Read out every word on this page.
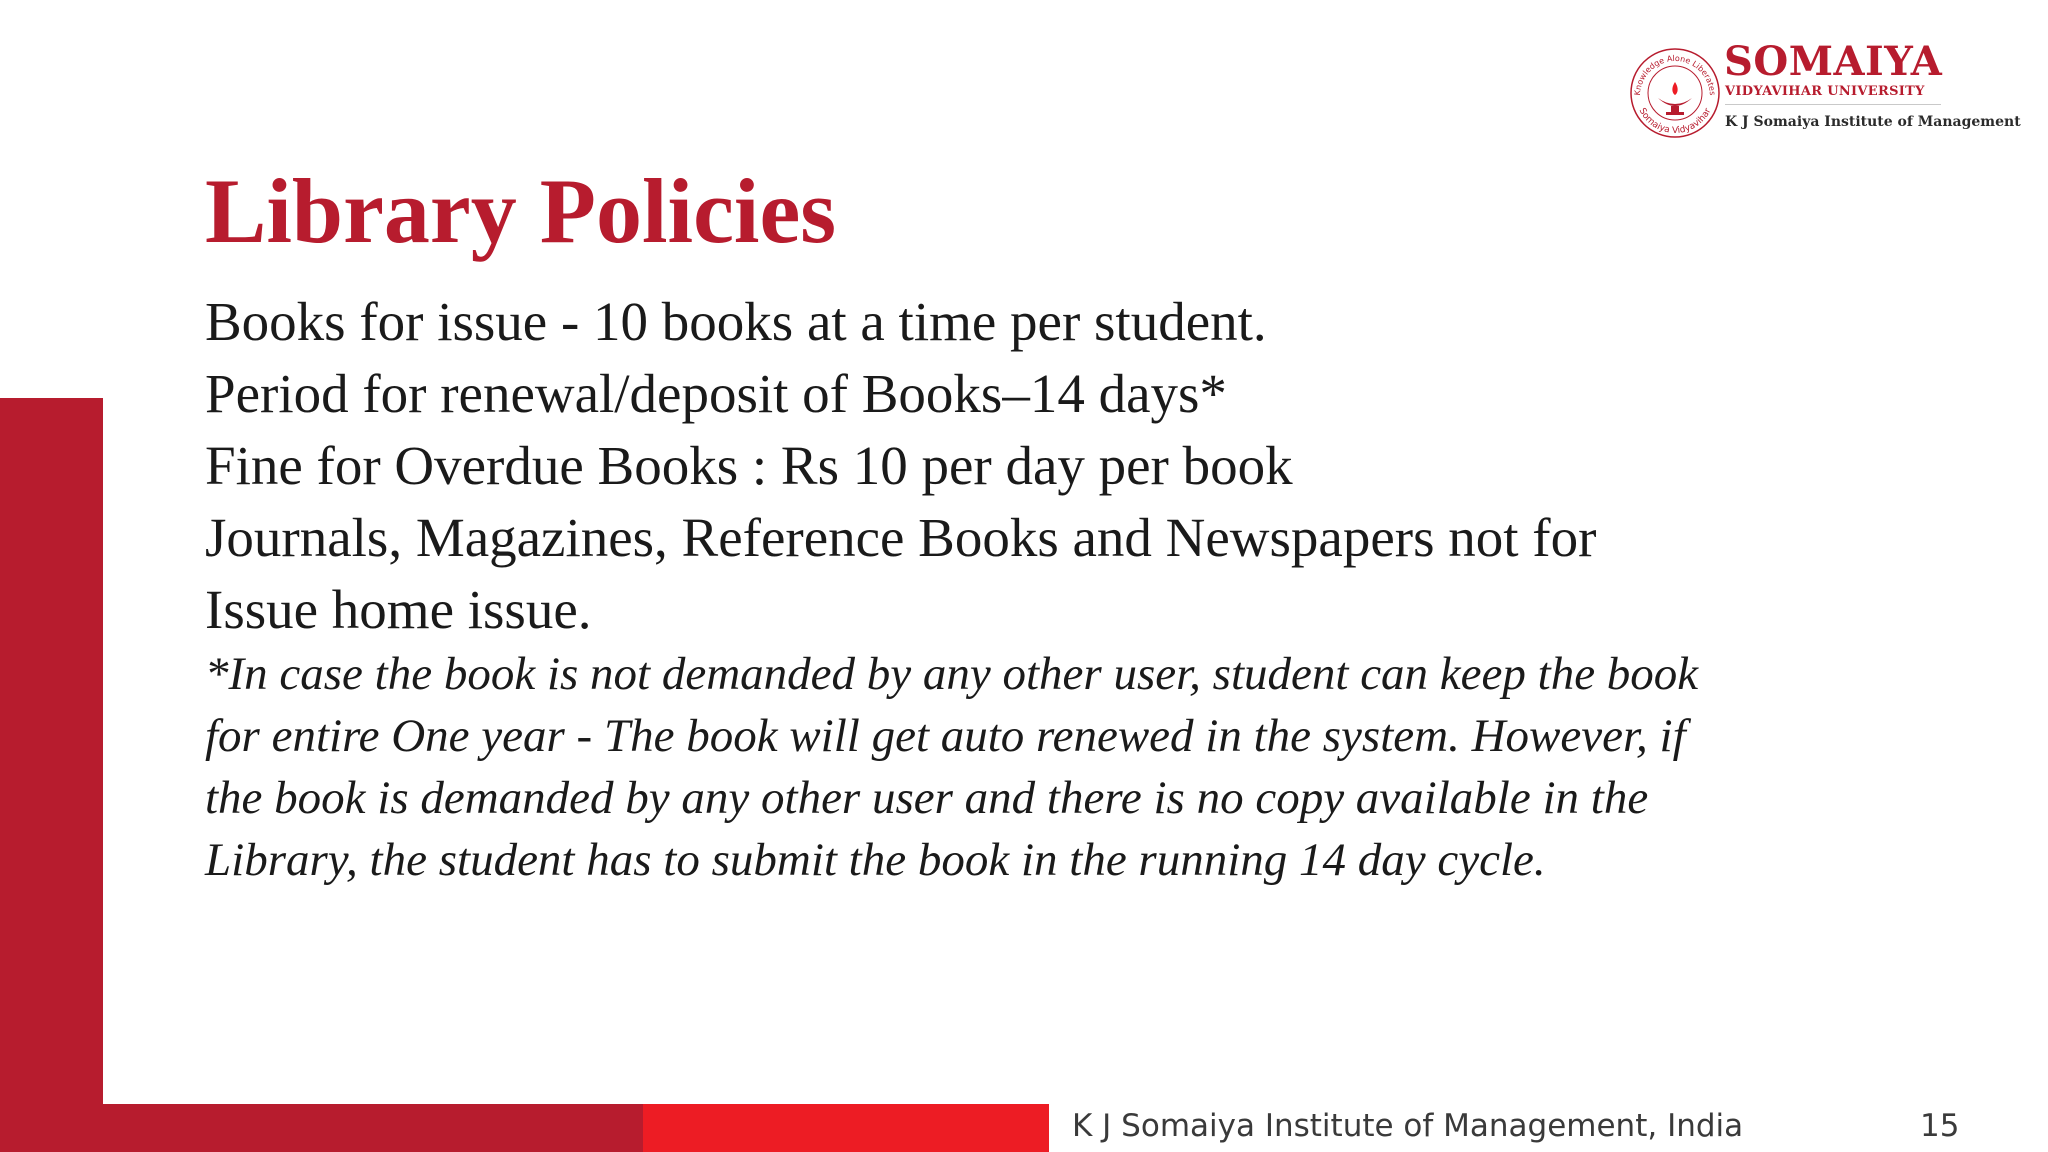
Knowledge Alone Liberates
Somaiya Vidyavihar
SOMAIYA
VIDYAVIHAR UNIVERSITY
K J Somaiya Institute of Management
Library Policies
Books for issue - 10 books at a time per student.
Period for renewal/deposit of Books–14 days*
Fine for Overdue Books : Rs 10 per day per book
Journals, Magazines, Reference Books and Newspapers not for
Issue home issue.

*In case the book is not demanded by any other user, student can keep the book
for entire One year - The book will get auto renewed in the system. However, if
the book is demanded by any other user and there is no copy available in the
Library, the student has to submit the book in the running 14 day cycle.

K J Somaiya Institute of Management, India	15
